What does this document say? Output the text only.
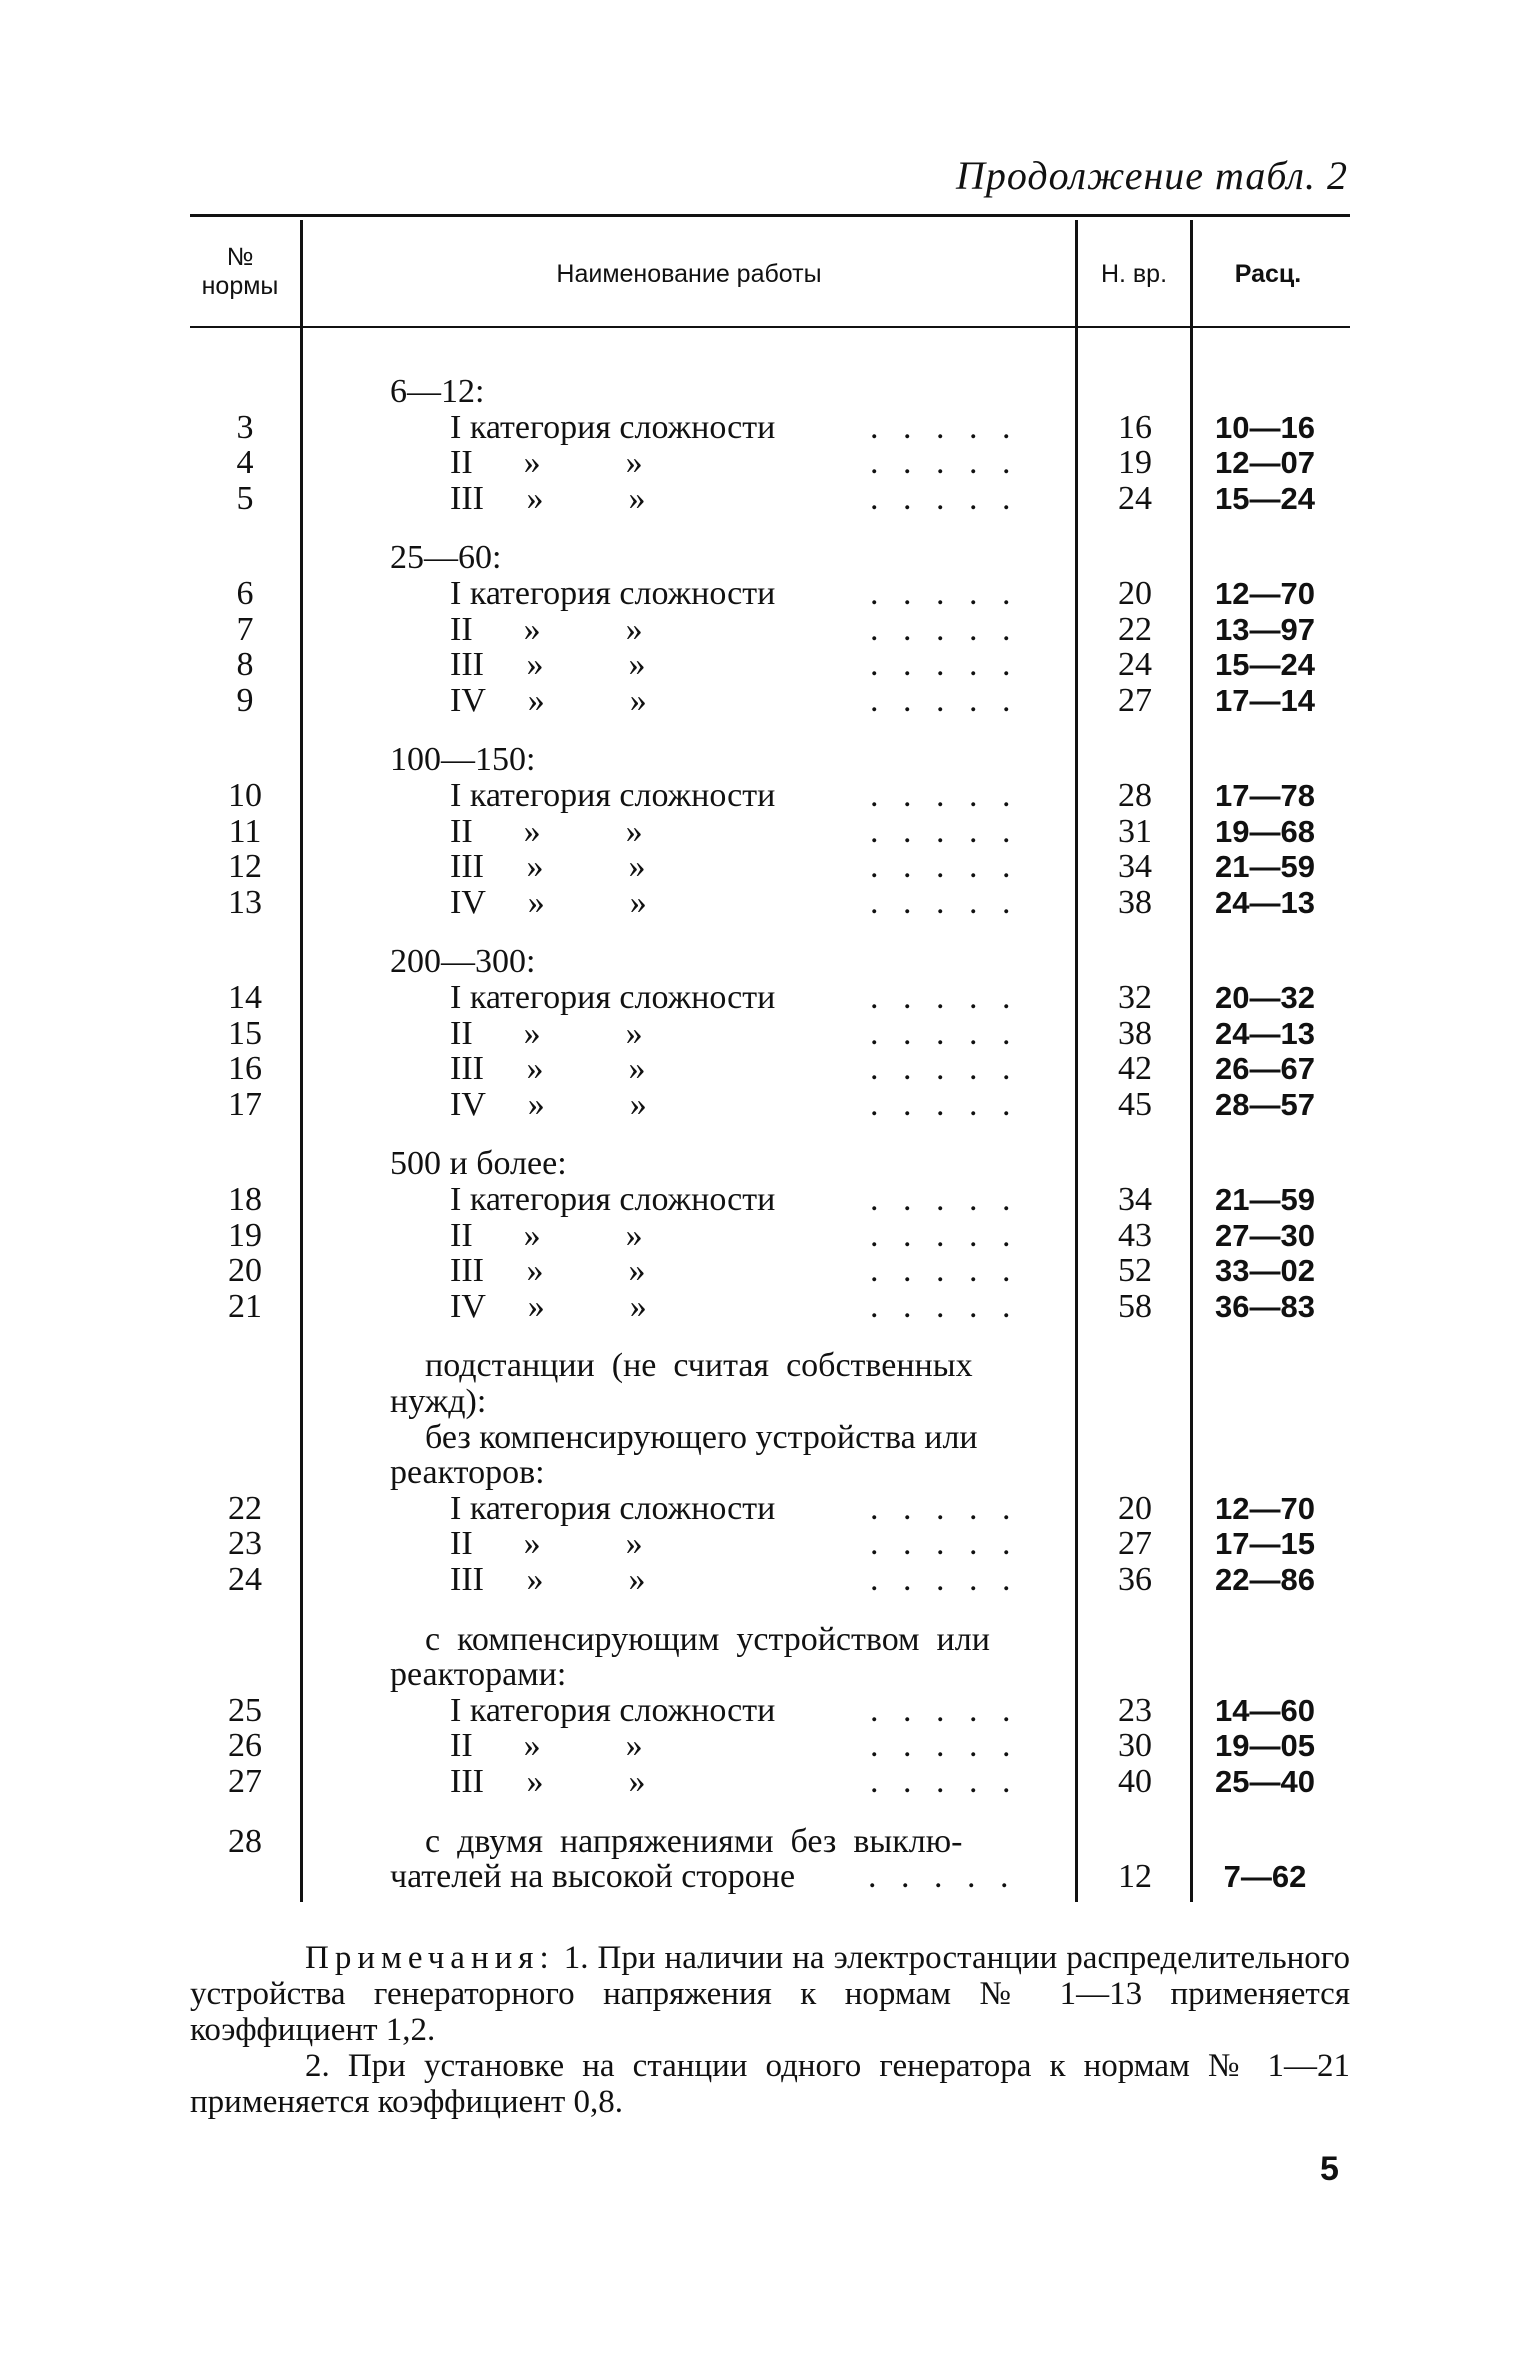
Продолжение табл. 2
№
нормы	Наименование работы	Н. вр.	Расц.
6—12:
3	I категория сложности	. . . . .	16	10—16
4	II      »          »	. . . . .	19	12—07
5	III     »          »	. . . . .	24	15—24
25—60:
6	I категория сложности	. . . . .	20	12—70
7	II      »          »	. . . . .	22	13—97
8	III     »          »	. . . . .	24	15—24
9	IV     »          »	. . . . .	27	17—14
100—150:
10	I категория сложности	. . . . .	28	17—78
11	II      »          »	. . . . .	31	19—68
12	III     »          »	. . . . .	34	21—59
13	IV     »          »	. . . . .	38	24—13
200—300:
14	I категория сложности	. . . . .	32	20—32
15	II      »          »	. . . . .	38	24—13
16	III     »          »	. . . . .	42	26—67
17	IV     »          »	. . . . .	45	28—57
500 и более:
18	I категория сложности	. . . . .	34	21—59
19	II      »          »	. . . . .	43	27—30
20	III     »          »	. . . . .	52	33—02
21	IV     »          »	. . . . .	58	36—83
подстанции  (не  считая  собственных
нужд):
без компенсирующего устройства или
реакторов:
22	I категория сложности	. . . . .	20	12—70
23	II      »          »	. . . . .	27	17—15
24	III     »          »	. . . . .	36	22—86
с  компенсирующим  устройством  или
реакторами:
25	I категория сложности	. . . . .	23	14—60
26	II      »          »	. . . . .	30	19—05
27	III     »          »	. . . . .	40	25—40
28	с  двумя  напряжениями  без  выклю-
чателей на высокой стороне . . . . .	12	7—62

Примечания: 1. При наличии на электростанции распределительного устройства генераторного напряжения к нормам № 1—13 применяется коэффициент 1,2.

2. При установке на станции одного генератора к нормам № 1—21 применяется коэффициент 0,8.

5
